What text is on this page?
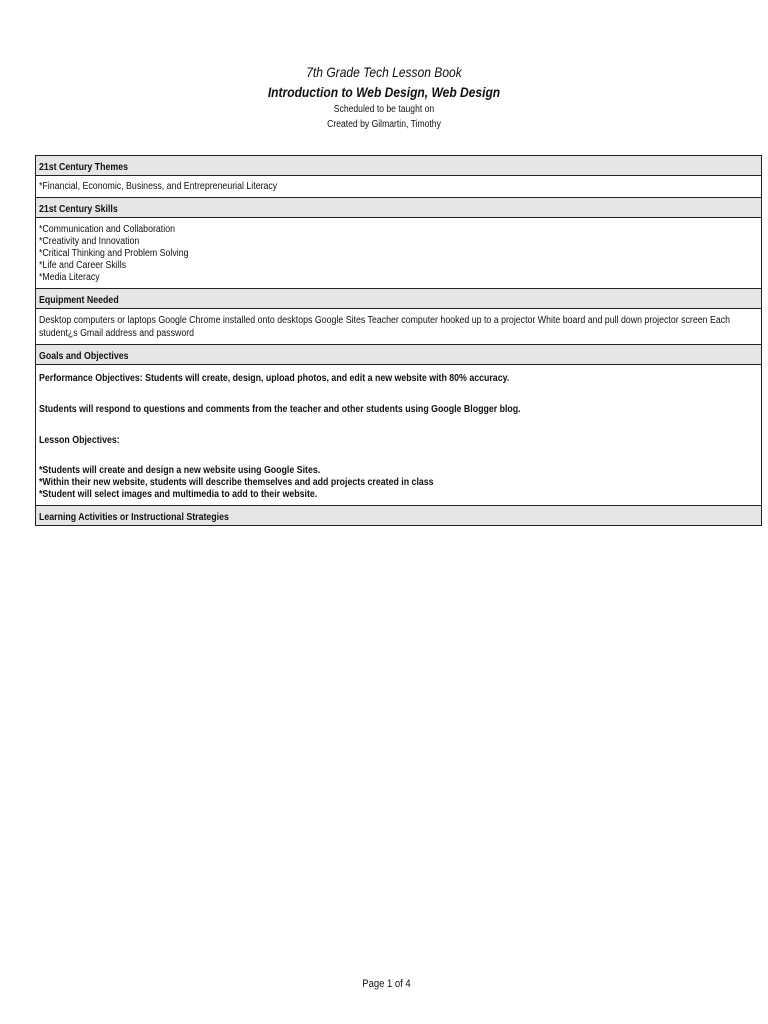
7th Grade Tech Lesson Book
Introduction to Web Design, Web Design
Scheduled to be taught on
Created by Gilmartin, Timothy
21st Century Themes

*Financial, Economic, Business, and Entrepreneurial Literacy

21st Century Skills

*Communication and Collaboration
*Creativity and Innovation
*Critical Thinking and Problem Solving
*Life and Career Skills
*Media Literacy

Equipment Needed

Desktop computers or laptops Google Chrome installed onto desktops Google Sites Teacher computer hooked up to a projector White board and pull down projector screen Each student¿s Gmail address and password

Goals and Objectives

Performance Objectives: Students will create, design, upload photos, and edit a new website with 80% accuracy.

Students will respond to questions and comments from the teacher and other students using Google Blogger blog.

Lesson Objectives:

*Students will create and design a new website using Google Sites.

*Within their new website, students will describe themselves and add projects created in class

*Student will select images and multimedia to add to their website.

Learning Activities or Instructional Strategies
Page 1 of 4
